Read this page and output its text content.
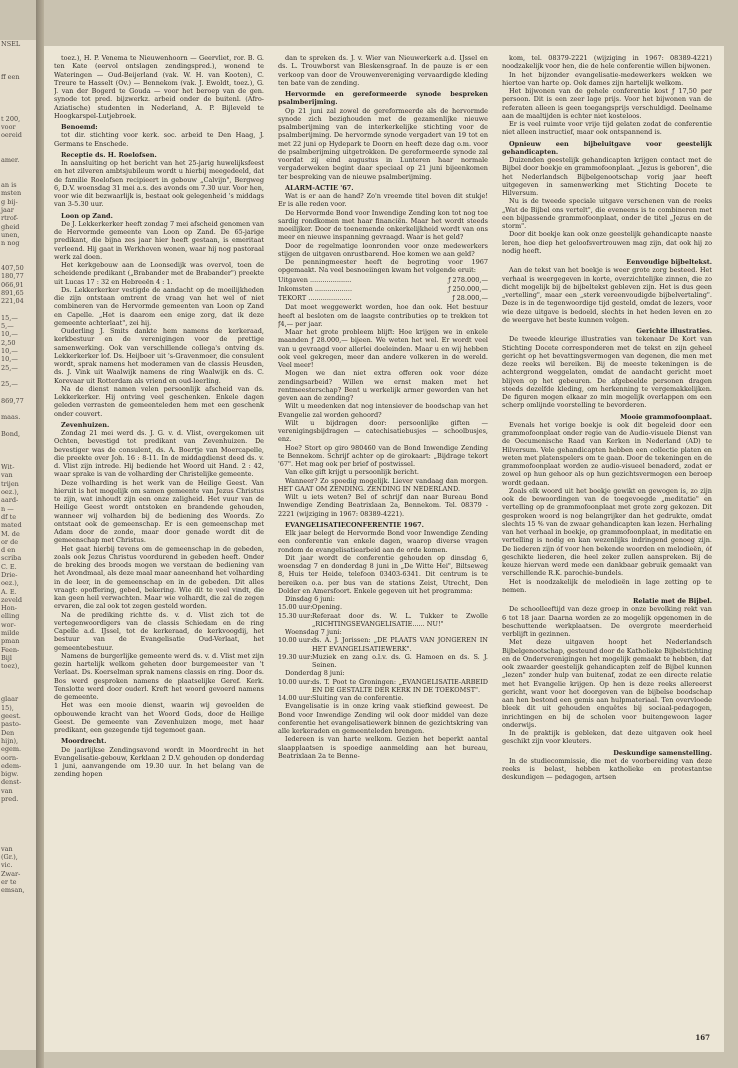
NSEL

ff een

t 200,
voor
oereid

amer.

an is
msten
g bij-
jaar
rtrof-
gheid
unen,
n nog

407,50
180,77
066,91
891,65
221,04

15,—
5,—
10,—
2,50
10,—
10,—
25,—

25,—

869,77

maas.

Bond,

Wit-
van
trijen
oez.),
aard-
n —
df te
mated
M. de
or de
d en
scriba
C. E.
Drie-
oez.),
A. E.
zeveld
Hon-
elling
wor-
milde
pman
Feen-
Bijl
toez),

glaar
15),
geest.
pasto-
Den
hijn),
egem.
oorn-
edem-
bigw.
denst-
van
pred.

van
(Gr.),
vic.
Zwar-
er te
emsan,

toez.), H. P. Venema te Nieuwenhoorn — Geervliet, ror. B. G. ten Kate (eervol ontslagen zendingspred.), wonend te Wateringen — Oud-Beijerland (vak. W. H. van Kooten), C. Treure te Hasselt (Ov.) — Bennekom (vak. J. Ewoldt, toez.), G. J. van der Bogerd te Gouda — voor het beroep van de gen. synode tot pred. bijzwerkz. arbeid onder de buitenl. (Afro-Aziatische) studenten in Nederland, A. P. Bijleveld te Hoogkarspel-Lutjebroek.

Benoemd:

tot dir. stichting voor kerk. soc. arbeid te Den Haag, J. Germans te Enschede.

Receptie ds. H. Roelofsen.

In aansluiting op het bericht van het 25-jarig huwelijksfeest en het zilveren ambtsjubileum wordt u hierbij meegedeeld, dat de familie Roelofsen recipieert in gebouw „Calvijn", Bergweg 6, D.V. woensdag 31 mei a.s. des avonds om 7.30 uur. Voor hen, voor wie dit bezwaarlijk is, bestaat ook gelegenheid 's middags van 3-5.30 uur.

Loon op Zand.

De J. Lekkerkerker heeft zondag 7 mei afscheid genomen van de Hervormde gemeente van Loon op Zand. De 65-jarige predikant, die bijna zes jaar hier heeft gestaan, is emeritaat verleend. Hij gaat in Werkhoven wonen, waar hij nog pastoraal werk zal doen.

Het kerkgebouw aan de Loonsedijk was overvol, toen de scheidende predikant („Brabander met de Brabander") preekte uit Lucas 17 : 32 en Hebreeën 4 : 1.

Ds. Lekkerkerker vestigde de aandacht op de moeilijkheden die zijn ontstaan omtrent de vraag van het wel of niet combineren van de Hervormde gemeenten van Loon op Zand en Capelle. „Het is daarom een enige zorg, dat ik deze gemeente achterlaat", zei hij.

Ouderling J. Smits dankte hem namens de kerkeraad, kerkbestuur en de verenigingen voor de prettige samenwerking. Ook van verschillende collega's ontving ds. Lekkerkerker lof. Ds. Heijboer uit 's-Gravenmoer, die consulent wordt, sprak namens het moderamen van de classis Heusden, ds. J. Vink uit Waalwijk namens de ring Waalwijk en ds. C. Korevaar uit Rotterdam als vriend en oud-leerling.

Na de dienst namen velen persoonlijk afscheid van ds. Lekkerkerker. Hij ontving veel geschenken. Enkele dagen geleden verrasten de gemeenteleden hem met een geschenk onder couvert.

Zevenhuizen.

Zondag 21 mei werd ds. J. G. v. d. Vlist, overgekomen uit Ochten, bevestigd tot predikant van Zevenhuizen. De bevestiger was de consulent, ds. A. Boertje van Moercapelle, die preekte over Joh. 16 : 8-11. In de middagdienst deed ds. v. d. Vlist zijn intrede. Hij bediende het Woord uit Hand. 2 : 42, waar sprake is van de volharding der Christelijke gemeente.

Deze volharding is het werk van de Heilige Geest. Van hieruit is het mogelijk om samen gemeente van Jezus Christus te zijn, wat inhoudt zijn een onze zaligheid. Het vuur van de Heilige Geest wordt ontstoken en brandende gehouden, wanneer wij volharden bij de bediening des Woords. Zo ontstaat ook de gemeenschap. Er is een gemeenschap met Adam door de zonde, maar door genade wordt dit de gemeenschap met Christus.

Het gaat hierbij tevens om de gemeenschap in de gebeden, zoals ook Jezus Christus voordurend in gebeden heeft. Onder de breking des broods mogen we verstaan de bediening van het Avondmaal, als deze maal maar aaneenhand het volharding in de leer, in de gemeenschap en in de gebeden. Dit alles vraagt: opoffering, gebed, bekering. Wie dit te veel vindt, die kan geen heil verwachten. Maar wie volhardt, die zal de zegen ervaren, die zal ook tot zegen gesteld worden.

Na de prediking richtte ds. v. d. Vlist zich tot de vertegenwoordigers van de classis Schiedam en de ring Capelle a.d. IJssel, tot de kerkeraad, de kerkvoogdij, het bestuur van de Evangelisatie Oud-Verlaat, het gemeentebestuur.

Namens de burgerlijke gemeente werd ds. v. d. Vlist met zijn gezin hartelijk welkom geheten door burgemeester van 't Verlaat. Ds. Koerselman sprak namens classis en ring. Door ds. Bos werd gesproken namens de plaatselijke Geref. Kerk. Tenslotte werd door ouderl. Kreft het woord gevoerd namens de gemeente.

Het was een mooie dienst, waarin wij gevoelden de opbouwende kracht van het Woord Gods, door de Heilige Geest. De gemeente van Zevenhuizen moge, met haar predikant, een gezegende tijd tegemoet gaan.

Moordrecht.

De jaarlijkse Zendingsavond wordt in Moordrecht in het Evangelisatie-gebouw, Kerklaan 2 D.V. gehouden op donderdag 1 juni, aanvangende om 19.30 uur. In het belang van de zending hopen

dan te spreken ds. J. v. Wier van Nieuwerkerk a.d. IJssel en ds. L. Trouwborst van Bleskensgraaf. In de pauze is er een verkoop van door de Vrouwenvereniging vervaardigde kleding ten bate van de zending.

Hervormde en gereformeerde synode bespreken psalmberijming.

Op 21 juni zal zowel de gereformeerde als de hervormde synode zich bezighouden met de gezamenlijke nieuwe psalmberijming van de interkerkelijke stichting voor de psalmberijming. De hervormde synode vergadert van 19 tot en met 22 juni op Hydepark te Doorn en heeft deze dag o.m. voor de psalmberijming uitgetrokken. De gereformeerde synode zal voordat zij eind augustus in Lunteren haar normale vergaderweken begint daar speciaal op 21 juni bijeenkomen ter bespreking van de nieuwe psalmberijming.

ALARM-ACTIE '67.

Wat is er aan de hand? Zo'n vreemde titel boven dit stukje! Er is alle reden voor.

De Hervormde Bond voor Inwendige Zending kon tot nog toe sardig rondkomen met haar financiën. Maar het wordt steeds moeilijker. Door de toenemende onkerkelijkheid wordt van ons meer en nieuwe inspanning gevraagd. Waar is het geld?

Door de regelmatige loonronden voor onze medewerkers stijgen de uitgaven onrustbarend. Hoe komen we aan geld?

De penningmeester heeft de begroting voor 1967 opgemaakt. Na veel besnoeiingen kwam het volgende eruit:

ƒ 278.000,—
Uitgaven ....................

ƒ 250.000,—
Inkomsten ..................

ƒ 28.000,—
TEKORT .....................

Dat moet weggewerkt worden, hoe dan ook. Het bestuur heeft al besloten om de laagste contributies op te trekken tot ƒ4,— per jaar.

Maar het grote probleem blijft: Hoe krijgen we in enkele maanden ƒ 28.000,— bijeen. We weten het wel. Er wordt veel van u gevraagd voor allerlei doeleinden. Maar u en wij hebben ook veel gekregen, meer dan andere volkeren in de wereld. Veel meer!

Mogen we dan niet extra offeren ook voor déze zendingsarbeid? Willen we ernst maken met het rentmeesterschap? Bent u werkelijk armer geworden van het geven aan de zending?

Wilt u meedenken dat nog intensiever de boodschap van het Evangelie zal worden gehoord?

Wilt u bijdragen door: persoonlijke giften — verenigingsbijdragen — catechisatiebusjes — schoolbusjes, enz.

Hoe? Stort op giro 980460 van de Bond Inwendige Zending te Bennekom. Schrijf achter op de girokaart: „Bijdrage tekort '67". Het mag ook per brief of postwissel.

Van elke gift krijgt u persoonlijk bericht.

Wanneer? Zo spoedig mogelijk. Liever vandaag dan morgen. HET GAAT OM ZENDING. ZENDING IN NEDERLAND.

Wilt u iets weten? Bel of schrijf dan naar Bureau Bond Inwendige Zending Beatrixlaan 2a, Bennekom. Tel. 08379 - 2221 (wijziging in 1967: 08389-4221).

EVANGELISATIECONFERENTIE 1967.

Elk jaar belegt de Hervormde Bond voor Inwendige Zending een conferentie van enkele dagen, waarop diverse vragen rondom de evangelisatiearbeid aan de orde komen.

Dit jaar wordt de conferentie gehouden op dinsdag 6, woensdag 7 en donderdag 8 juni in „De Witte Hei", Biltseweg 8, Huis ter Heide, telefoon 03403-6341. Dit centrum is te bereiken o.a. per bus van de stations Zeist, Utrecht, Den Dolder en Amersfoort. Enkele gegeven uit het programma:

Dinsdag 6 juni:

15.00 uur: Opening.

15.30 uur: Referaat door ds. W. L. Tukker te Zwolle „RICHTINGSEVANGELISATIE...... NU!"

Woensdag 7 juni:

10.00 uur: ds. A. J. Jorissen: „DE PLAATS VAN JONGEREN IN HET EVANGELISATIEWERK".

19.30 uur: Muziek en zang o.l.v. ds. G. Hamoen en ds. S. J. Seinen.

Donderdag 8 juni:

10.00 uur: ds. T. Poot te Groningen: „EVANGELISATIE-ARBEID EN DE GESTALTE DER KERK IN DE TOEKOMST".

14.00 uur: Sluiting van de conferentie.

Evangelisatie is in onze kring vaak stiefkind geweest. De Bond voor Inwendige Zending wil ook door middel van deze conferentie het evangelisatiewerk binnen de gezichtskring van alle kerkeraden en gemeenteleden brengen.

Iedereen is van harte welkom. Gezien het beperkt aantal slaapplaatsen is spoedige aanmelding aan het bureau, Beatrixlaan 2a te Benne-

kom, tel. 08379-2221 (wijziging in 1967: 08389-4221) noodzakelijk voor hen, die de hele conferentie willen bijwonen.

In het bijzonder evangelisatie-medewerkers wekken we hiertoe van harte op. Ook dames zijn hartelijk welkom.

Het bijwonen van de gehele conferentie kost ƒ 17,50 per persoon. Dit is een zeer lage prijs. Voor het bijwonen van de referaten alleen is geen toegangsprijs verschuldigd. Deelname aan de maaltijden is echter niet kosteloos.

Er is veel ruimte voor vrije tijd gelaten zodat de conferentie niet alleen instructief, maar ook ontspannend is.

Opnieuw een bijbeluitgave voor geestelijk gehandicapten.

Duizenden geestelijk gehandicapten krijgen contact met de Bijbel door boekje en grammofoonplaat. „Jezus is geboren", die het Nederlandsch Bijbelgenootschap vorig jaar heeft uitgegeven in samenwerking met Stichting Docete te Hilversum.

Nu is de tweede speciale uitgave verschenen van de reeks „Wat de Bijbel ons vertelt", die eveneens is te combineren met een bijpassende grammofoonplaat, onder de titel „Jezus en de storm".

Door dit boekje kan ook onze geestelijk gehandicapte naaste leren, hoe diep het geloofsvertrouwen mag zijn, dat ook hij zo nodig heeft.

Eenvoudige bijbeltekst.

Aan de tekst van het boekje is weer grote zorg besteed. Het verhaal is weergegeven in korte, overzichtelijke zinnen, die zo dicht mogelijk bij de bijbeltekst gebleven zijn. Het is dus geen „vertelling", maar een „sterk vereenvoudigde bijbelvertaling". Deze is in de tegenwoordige tijd gesteld, omdat de lezers, voor wie deze uitgave is bedoeld, slechts in het heden leven en zo de weergave het beste kunnen volgen.

Gerichte illustraties.

De tweede kleurige illustraties van tekenaar De Kort van Stichting Docete corresponderen met de tekst en zijn geheel gericht op het bevattingsvermogen van degenen, die men met deze reeks wil bereiken. Bij de meeste tekeningen is de achtergrond weggelaten, omdat de aandacht gericht moet blijven op het gebeuren. De afgebeelde personen dragen steeds dezelfde kleding, om herkenning te vergemakkelijken. De figuren mogen elkaar zo min mogelijk overlappen om een scherp omlijnde voorstelling te bevorderen.

Mooie grammofoonplaat.

Evenals het vorige boekje is ook dit begeleid door een grammofoonplaat onder regie van de Audio-visuele Dienst van de Oecumenische Raad van Kerken in Nederland (AD) te Hilversum. Vele gehandicapten hebben een collectie platen en weten met platenspelers om te gaan. Door de tekeningen en de grammofoonplaat worden ze audio-visueel benaderd, zodat er zowel op hun gehoor als op hun gezichtsvermogen een beroep wordt gedaan.

Zoals elk woord uit het boekje gewikt en gewogen is, zo zijn ook de bewoordingen van de toegevoegde „meditatie" en vertelling op de grammofoonplaat met grote zorg gekozen. Dit gesproken woord is nog belangrijker dan het gedrukte, omdat slechts 15 % van de zwaar gehandicapten kan lezen. Herhaling van het verhaal in boekje, op grammofoonplaat, in meditatie en vertelling is nodig en kan wezenlijks indringend genoeg zijn. De liederen zijn óf voor hen bekende woorden en melodieën, óf geschikte liederen, die heel zeker zullen aanspreken. Bij de keuze hiervan werd mede een dankbaar gebruik gemaakt van verschillende R.K. parochie-bundels.

Het is noodzakelijk de melodieën in lage zetting op te nemen.

Relatie met de Bijbel.

De schoolleeftijd van deze groep in onze bevolking rekt van 6 tot 18 jaar. Daarna worden ze zo mogelijk opgenomen in de beschuttende werkplaatsen. De overgrote meerderheid verblijft in gezinnen.

Met deze uitgaven hoopt het Nederlandsch Bijbelgenootschap, gesteund door de Katholieke Bijbelstichting en de Onderverenigingen het mogelijk gemaakt te hebben, dat ook zwaarder geestelijk gehandicapten zelf de Bijbel kunnen „lezen" zonder hulp van buitenaf, zodat ze een directe relatie met het Evangelie krijgen. Op hen is deze reeks allereerst gericht, want voor het doorgeven van de bijbelse boodschap aan hen bestond een gemis aan hulpmateriaal. Ten overvloede bleek dit uit gehouden enquêtes bij sociaal-pedagogen, inrichtingen en bij de scholen voor buitengewoon lager onderwijs.

In de praktijk is gebleken, dat deze uitgaven ook heel geschikt zijn voor kleuters.

Deskundige samenstelling.

In de studiecommissie, die met de voorbereiding van deze reeks is belast, hebben katholieke en protestantse deskundigen — pedagogen, artsen

167
